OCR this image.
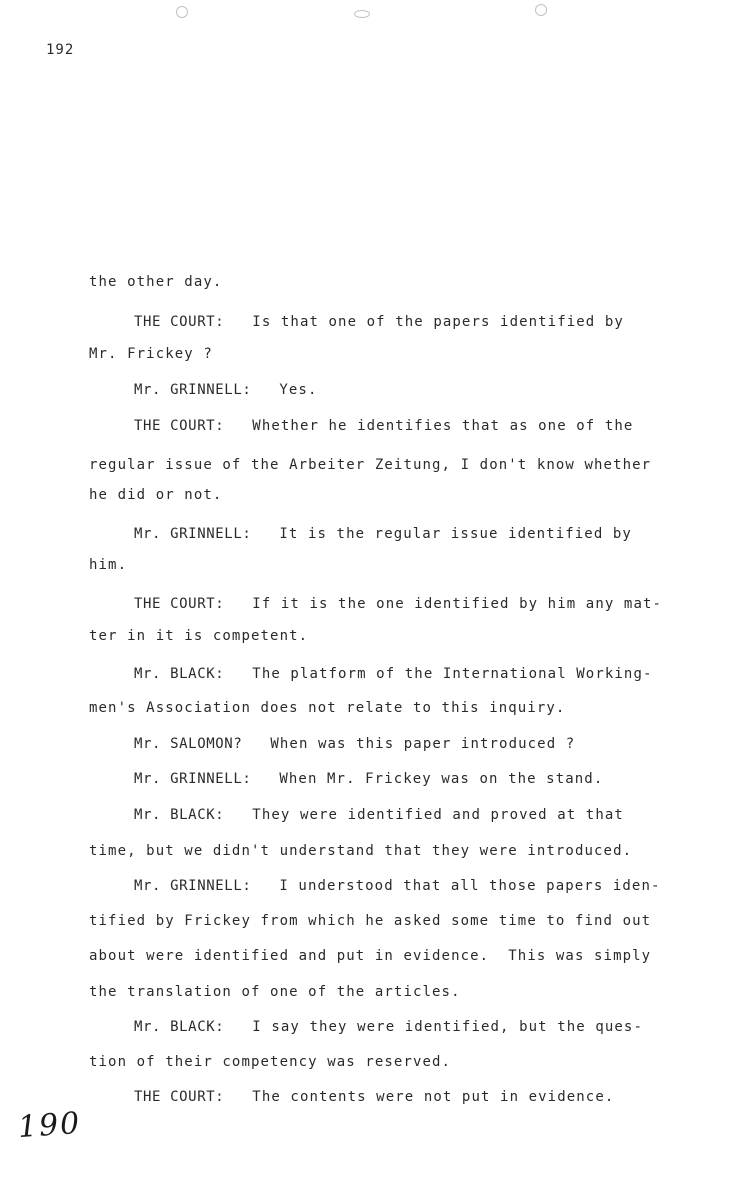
192
the other day.
THE COURT: Is that one of the papers identified by
Mr. Frickey ?
Mr. GRINNELL: Yes.
THE COURT: Whether he identifies that as one of the
regular issue of the Arbeiter Zeitung, I don't know whether
he did or not.
Mr. GRINNELL: It is the regular issue identified by
him.
THE COURT: If it is the one identified by him any mat-
ter in it is competent.
Mr. BLACK: The platform of the International Working-
men's Association does not relate to this inquiry.
Mr. SALOMON? When was this paper introduced ?
Mr. GRINNELL: When Mr. Frickey was on the stand.
Mr. BLACK: They were identified and proved at that
time, but we didn't understand that they were introduced.
Mr. GRINNELL: I understood that all those papers iden-
tified by Frickey from which he asked some time to find out
about were identified and put in evidence.  This was simply
the translation of one of the articles.
Mr. BLACK: I say they were identified, but the ques-
tion of their competency was reserved.
THE COURT: The contents were not put in evidence.
190
